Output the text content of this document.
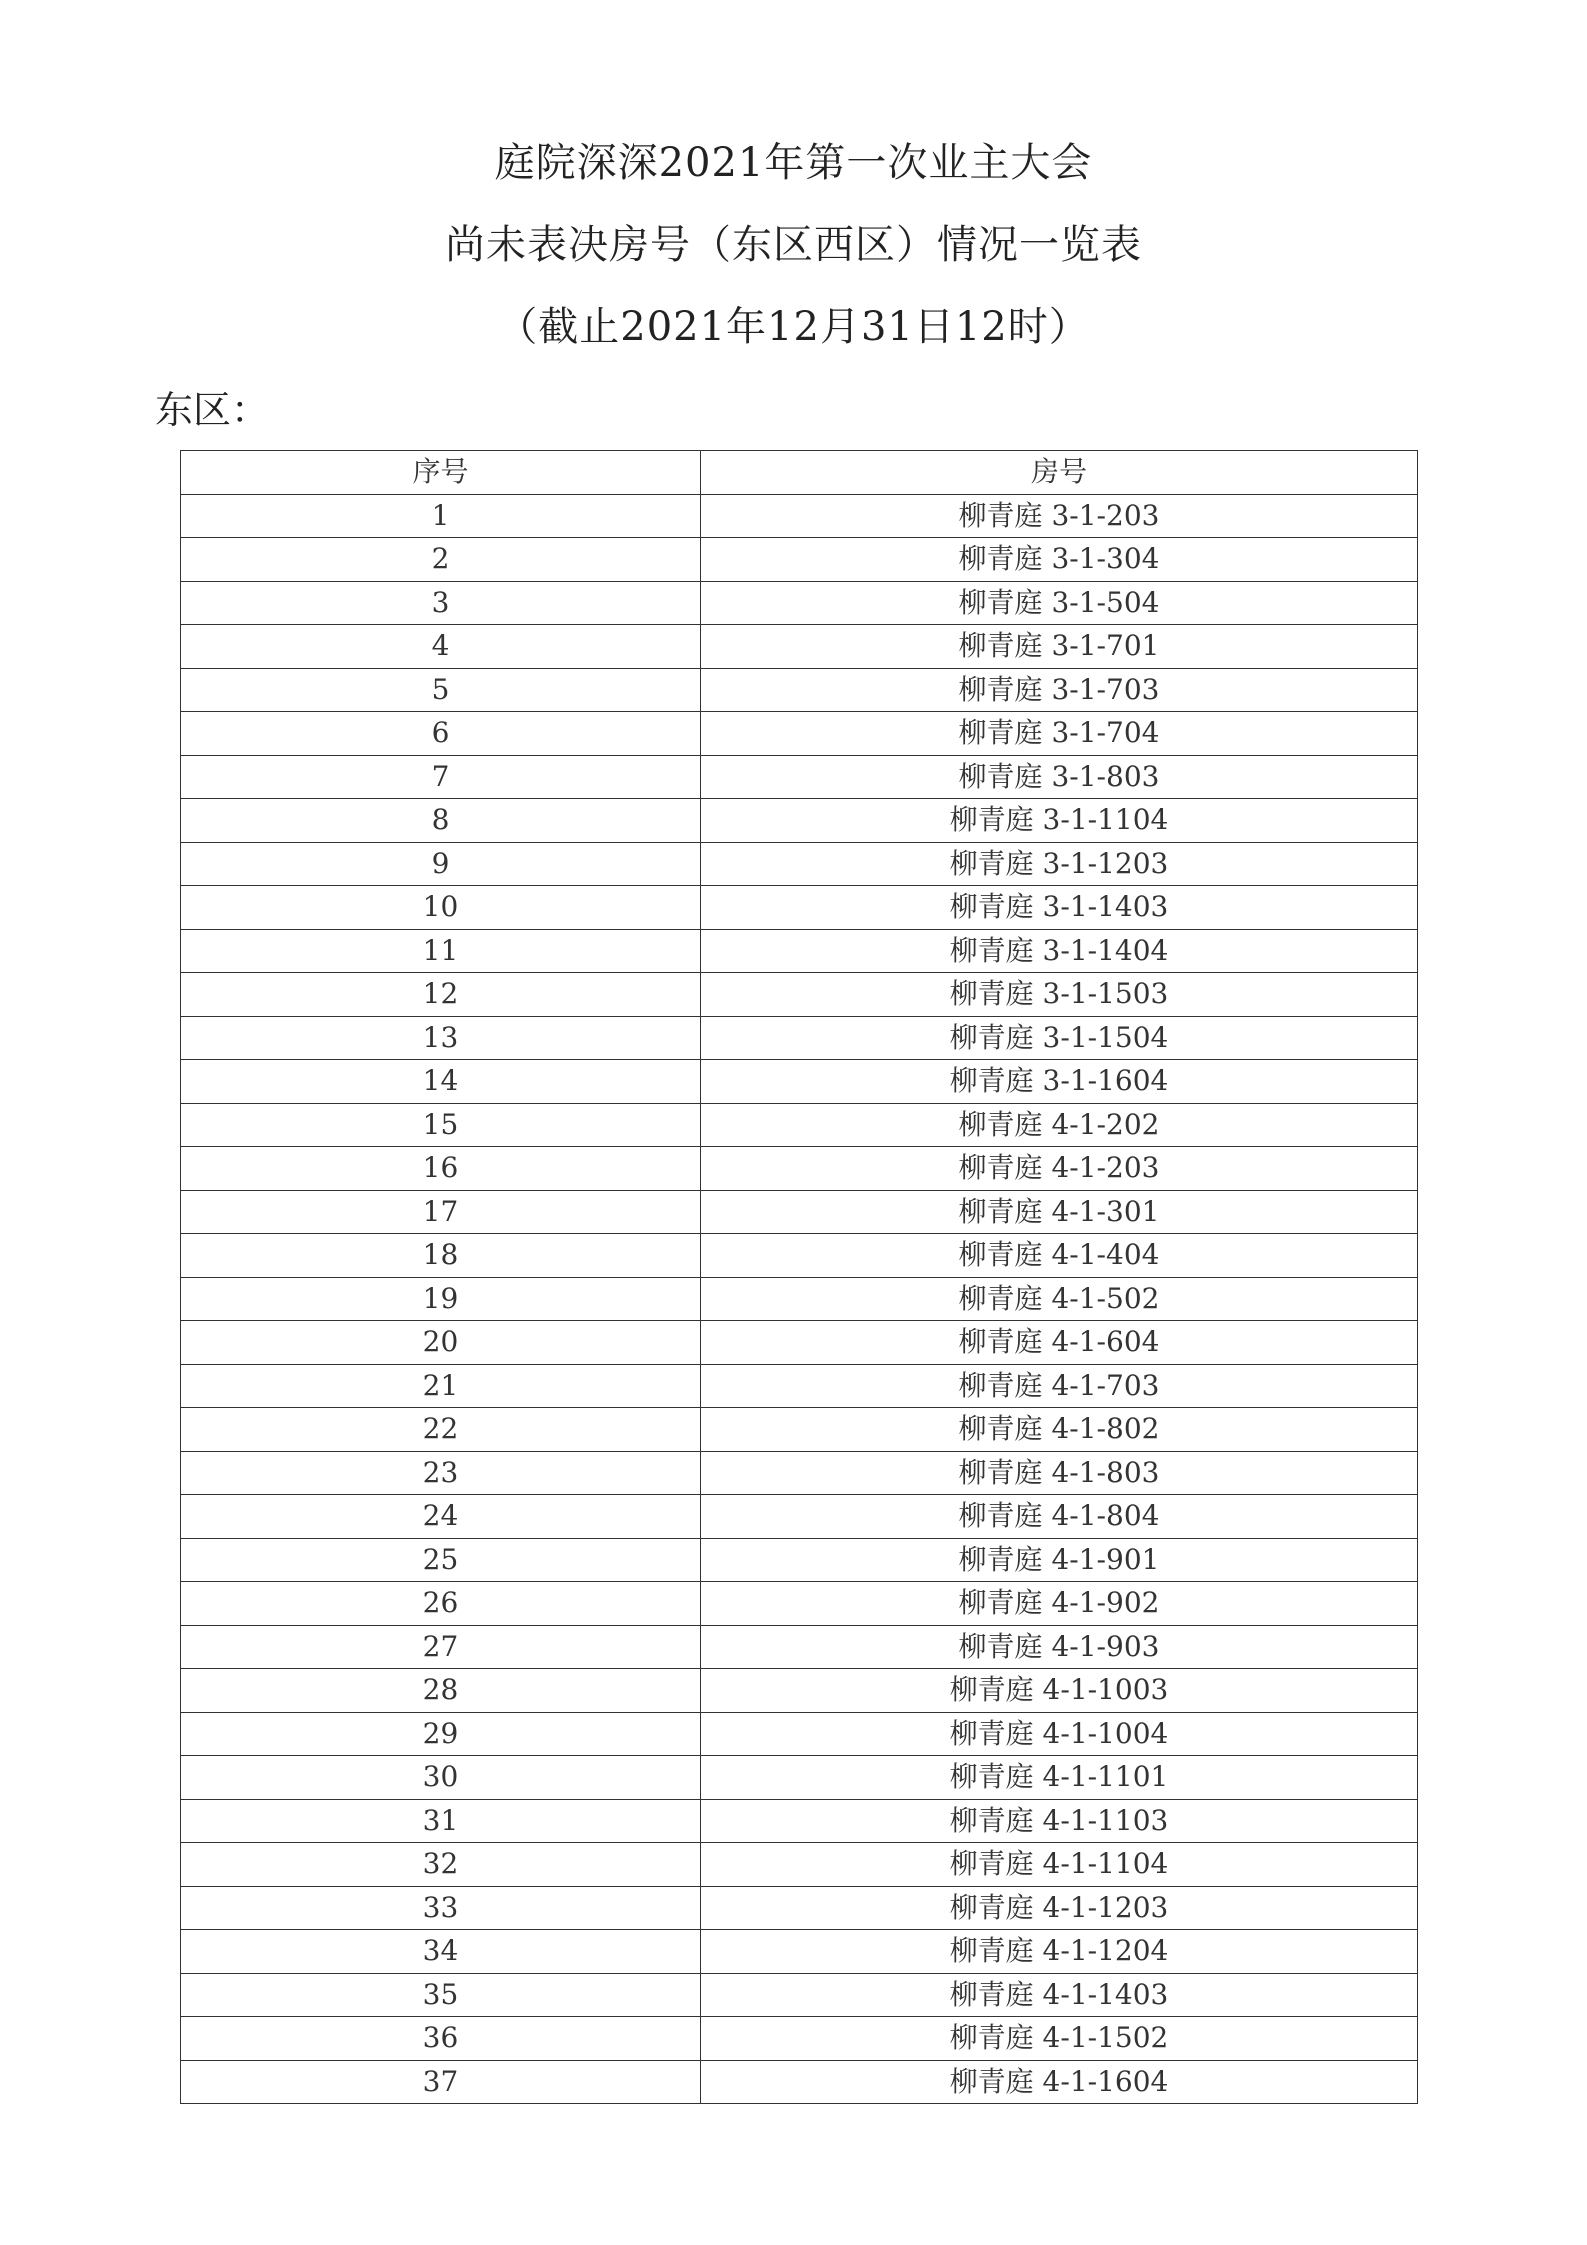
庭院深深2021年第一次业主大会
尚未表决房号（东区西区）情况一览表
（截止2021年12月31日12时）
东区：
序号	房号
1	柳青庭 3-1-203
2	柳青庭 3-1-304
3	柳青庭 3-1-504
4	柳青庭 3-1-701
5	柳青庭 3-1-703
6	柳青庭 3-1-704
7	柳青庭 3-1-803
8	柳青庭 3-1-1104
9	柳青庭 3-1-1203
10	柳青庭 3-1-1403
11	柳青庭 3-1-1404
12	柳青庭 3-1-1503
13	柳青庭 3-1-1504
14	柳青庭 3-1-1604
15	柳青庭 4-1-202
16	柳青庭 4-1-203
17	柳青庭 4-1-301
18	柳青庭 4-1-404
19	柳青庭 4-1-502
20	柳青庭 4-1-604
21	柳青庭 4-1-703
22	柳青庭 4-1-802
23	柳青庭 4-1-803
24	柳青庭 4-1-804
25	柳青庭 4-1-901
26	柳青庭 4-1-902
27	柳青庭 4-1-903
28	柳青庭 4-1-1003
29	柳青庭 4-1-1004
30	柳青庭 4-1-1101
31	柳青庭 4-1-1103
32	柳青庭 4-1-1104
33	柳青庭 4-1-1203
34	柳青庭 4-1-1204
35	柳青庭 4-1-1403
36	柳青庭 4-1-1502
37	柳青庭 4-1-1604
